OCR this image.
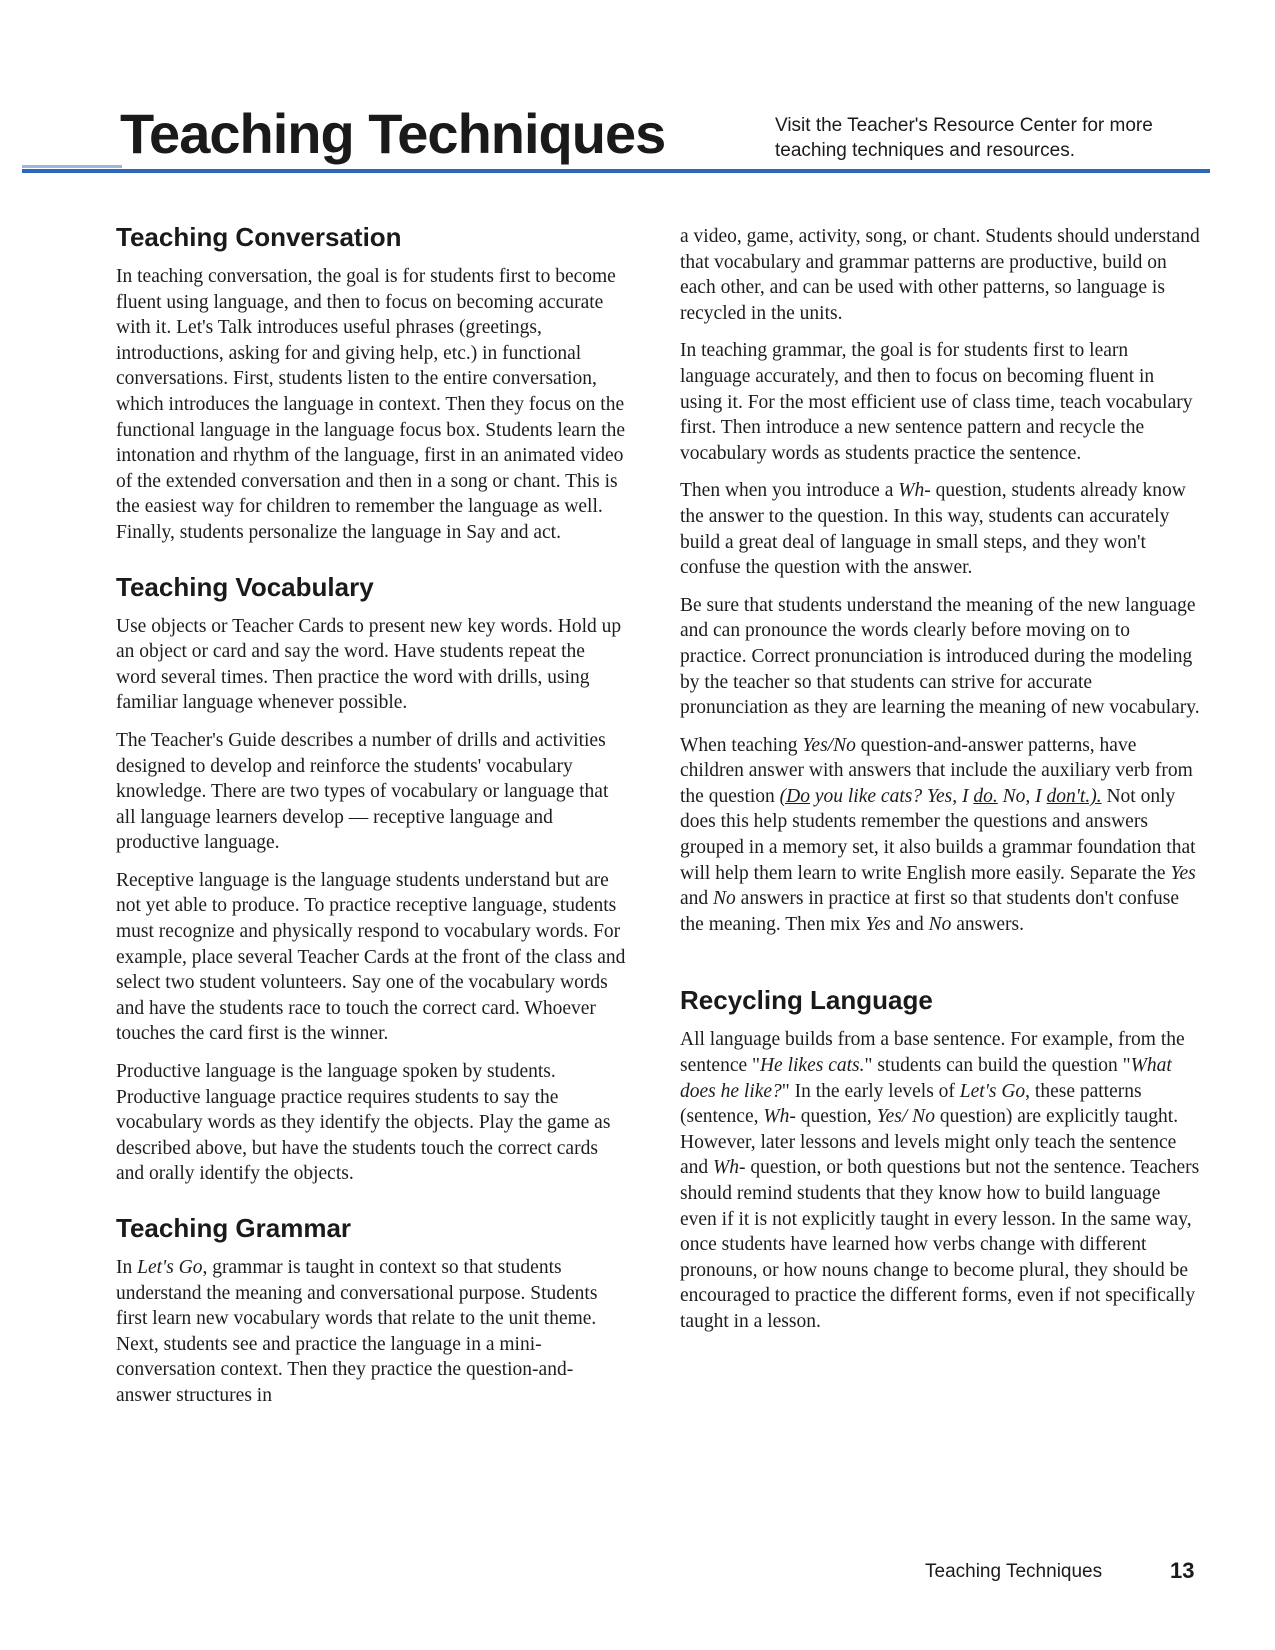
Teaching Techniques	Visit the Teacher's Resource Center for more teaching techniques and resources.
Teaching Conversation

In teaching conversation, the goal is for students first to become fluent using language, and then to focus on becoming accurate with it. Let's Talk introduces useful phrases (greetings, introductions, asking for and giving help, etc.) in functional conversations. First, students listen to the entire conversation, which introduces the language in context. Then they focus on the functional language in the language focus box. Students learn the intonation and rhythm of the language, first in an animated video of the extended conversation and then in a song or chant. This is the easiest way for children to remember the language as well. Finally, students personalize the language in Say and act.

Teaching Vocabulary

Use objects or Teacher Cards to present new key words. Hold up an object or card and say the word. Have students repeat the word several times. Then practice the word with drills, using familiar language whenever possible.

The Teacher's Guide describes a number of drills and activities designed to develop and reinforce the students' vocabulary knowledge. There are two types of vocabulary or language that all language learners develop — receptive language and productive language.

Receptive language is the language students understand but are not yet able to produce. To practice receptive language, students must recognize and physically respond to vocabulary words. For example, place several Teacher Cards at the front of the class and select two student volunteers. Say one of the vocabulary words and have the students race to touch the correct card. Whoever touches the card first is the winner.

Productive language is the language spoken by students. Productive language practice requires students to say the vocabulary words as they identify the objects. Play the game as described above, but have the students touch the correct cards and orally identify the objects.

Teaching Grammar

In Let's Go, grammar is taught in context so that students understand the meaning and conversational purpose. Students first learn new vocabulary words that relate to the unit theme. Next, students see and practice the language in a mini-conversation context. Then they practice the question-and-answer structures in

a video, game, activity, song, or chant. Students should understand that vocabulary and grammar patterns are productive, build on each other, and can be used with other patterns, so language is recycled in the units.

In teaching grammar, the goal is for students first to learn language accurately, and then to focus on becoming fluent in using it. For the most efficient use of class time, teach vocabulary first. Then introduce a new sentence pattern and recycle the vocabulary words as students practice the sentence.

Then when you introduce a Wh- question, students already know the answer to the question. In this way, students can accurately build a great deal of language in small steps, and they won't confuse the question with the answer.

Be sure that students understand the meaning of the new language and can pronounce the words clearly before moving on to practice. Correct pronunciation is introduced during the modeling by the teacher so that students can strive for accurate pronunciation as they are learning the meaning of new vocabulary.

When teaching Yes/No question-and-answer patterns, have children answer with answers that include the auxiliary verb from the question (Do you like cats? Yes, I do. No, I don't.). Not only does this help students remember the questions and answers grouped in a memory set, it also builds a grammar foundation that will help them learn to write English more easily. Separate the Yes and No answers in practice at first so that students don't confuse the meaning. Then mix Yes and No answers.

Recycling Language

All language builds from a base sentence. For example, from the sentence "He likes cats." students can build the question "What does he like?" In the early levels of Let's Go, these patterns (sentence, Wh- question, Yes/ No question) are explicitly taught. However, later lessons and levels might only teach the sentence and Wh- question, or both questions but not the sentence. Teachers should remind students that they know how to build language even if it is not explicitly taught in every lesson. In the same way, once students have learned how verbs change with different pronouns, or how nouns change to become plural, they should be encouraged to practice the different forms, even if not specifically taught in a lesson.

Teaching Techniques	13
